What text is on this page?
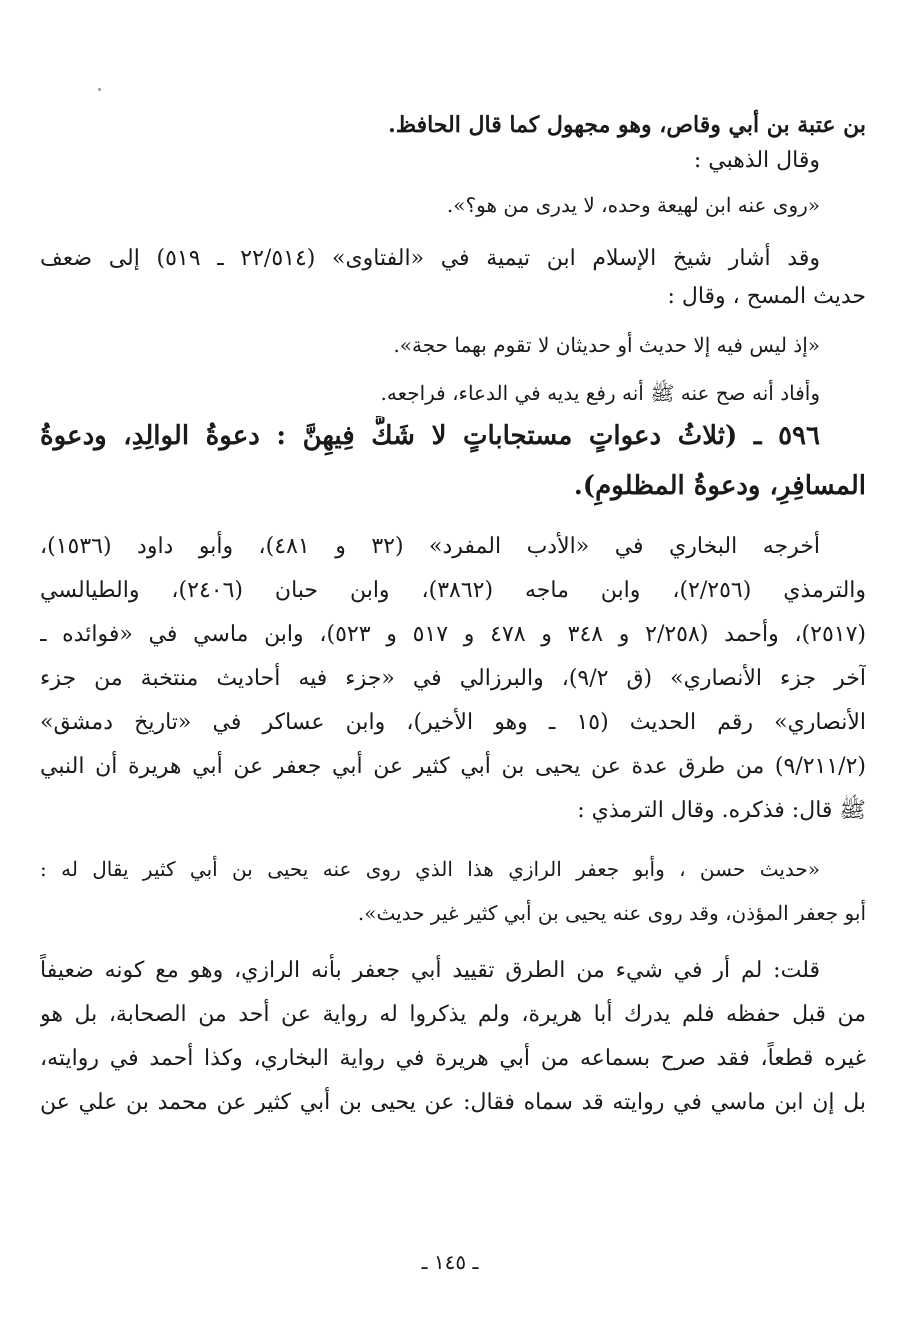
بن عتبة بن أبي وقاص، وهو مجهول كما قال الحافظ.
وقال الذهبي :
«روى عنه ابن لهيعة وحده، لا يدرى من هو؟».
وقد أشار شيخ الإسلام ابن تيمية في «الفتاوى» (٢٢/٥١٤ ـ ٥١٩) إلى ضعف
حديث المسح ، وقال :
«إذ ليس فيه إلا حديث أو حديثان لا تقوم بهما حجة».
وأفاد أنه صح عنه ﷺ أنه رفع يديه في الدعاء، فراجعه.
٥٩٦ ـ (ثلاثُ دعواتٍ مستجاباتٍ لا شَكَّ فِيهِنَّ : دعوةُ الوالِدِ، ودعوةُ
المسافِرِ، ودعوةُ المظلومِ).
أخرجه البخاري في «الأدب المفرد» (٣٢ و ٤٨١)، وأبو داود (١٥٣٦)،
والترمذي (٢/٢٥٦)، وابن ماجه (٣٨٦٢)، وابن حبان (٢٤٠٦)، والطيالسي
(٢٥١٧)، وأحمد (٢/٢٥٨ و ٣٤٨ و ٤٧٨ و ٥١٧ و ٥٢٣)، وابن ماسي في «فوائده ـ
آخر جزء الأنصاري» (ق ٩/٢)، والبرزالي في «جزء فيه أحاديث منتخبة من جزء
الأنصاري» رقم الحديث (١٥ ـ وهو الأخير)، وابن عساكر في «تاريخ دمشق»
(٩/٢١١/٢) من طرق عدة عن يحيى بن أبي كثير عن أبي جعفر عن أبي هريرة أن النبي
ﷺ قال: فذكره. وقال الترمذي :
«حديث حسن ، وأبو جعفر الرازي هذا الذي روى عنه يحيى بن أبي كثير يقال له :
أبو جعفر المؤذن، وقد روى عنه يحيى بن أبي كثير غير حديث».
قلت: لم أر في شيء من الطرق تقييد أبي جعفر بأنه الرازي، وهو مع كونه ضعيفاً
من قبل حفظه فلم يدرك أبا هريرة، ولم يذكروا له رواية عن أحد من الصحابة، بل هو
غيره قطعاً، فقد صرح بسماعه من أبي هريرة في رواية البخاري، وكذا أحمد في روايته،
بل إن ابن ماسي في روايته قد سماه فقال: عن يحيى بن أبي كثير عن محمد بن علي عن
ـ ١٤٥ ـ
